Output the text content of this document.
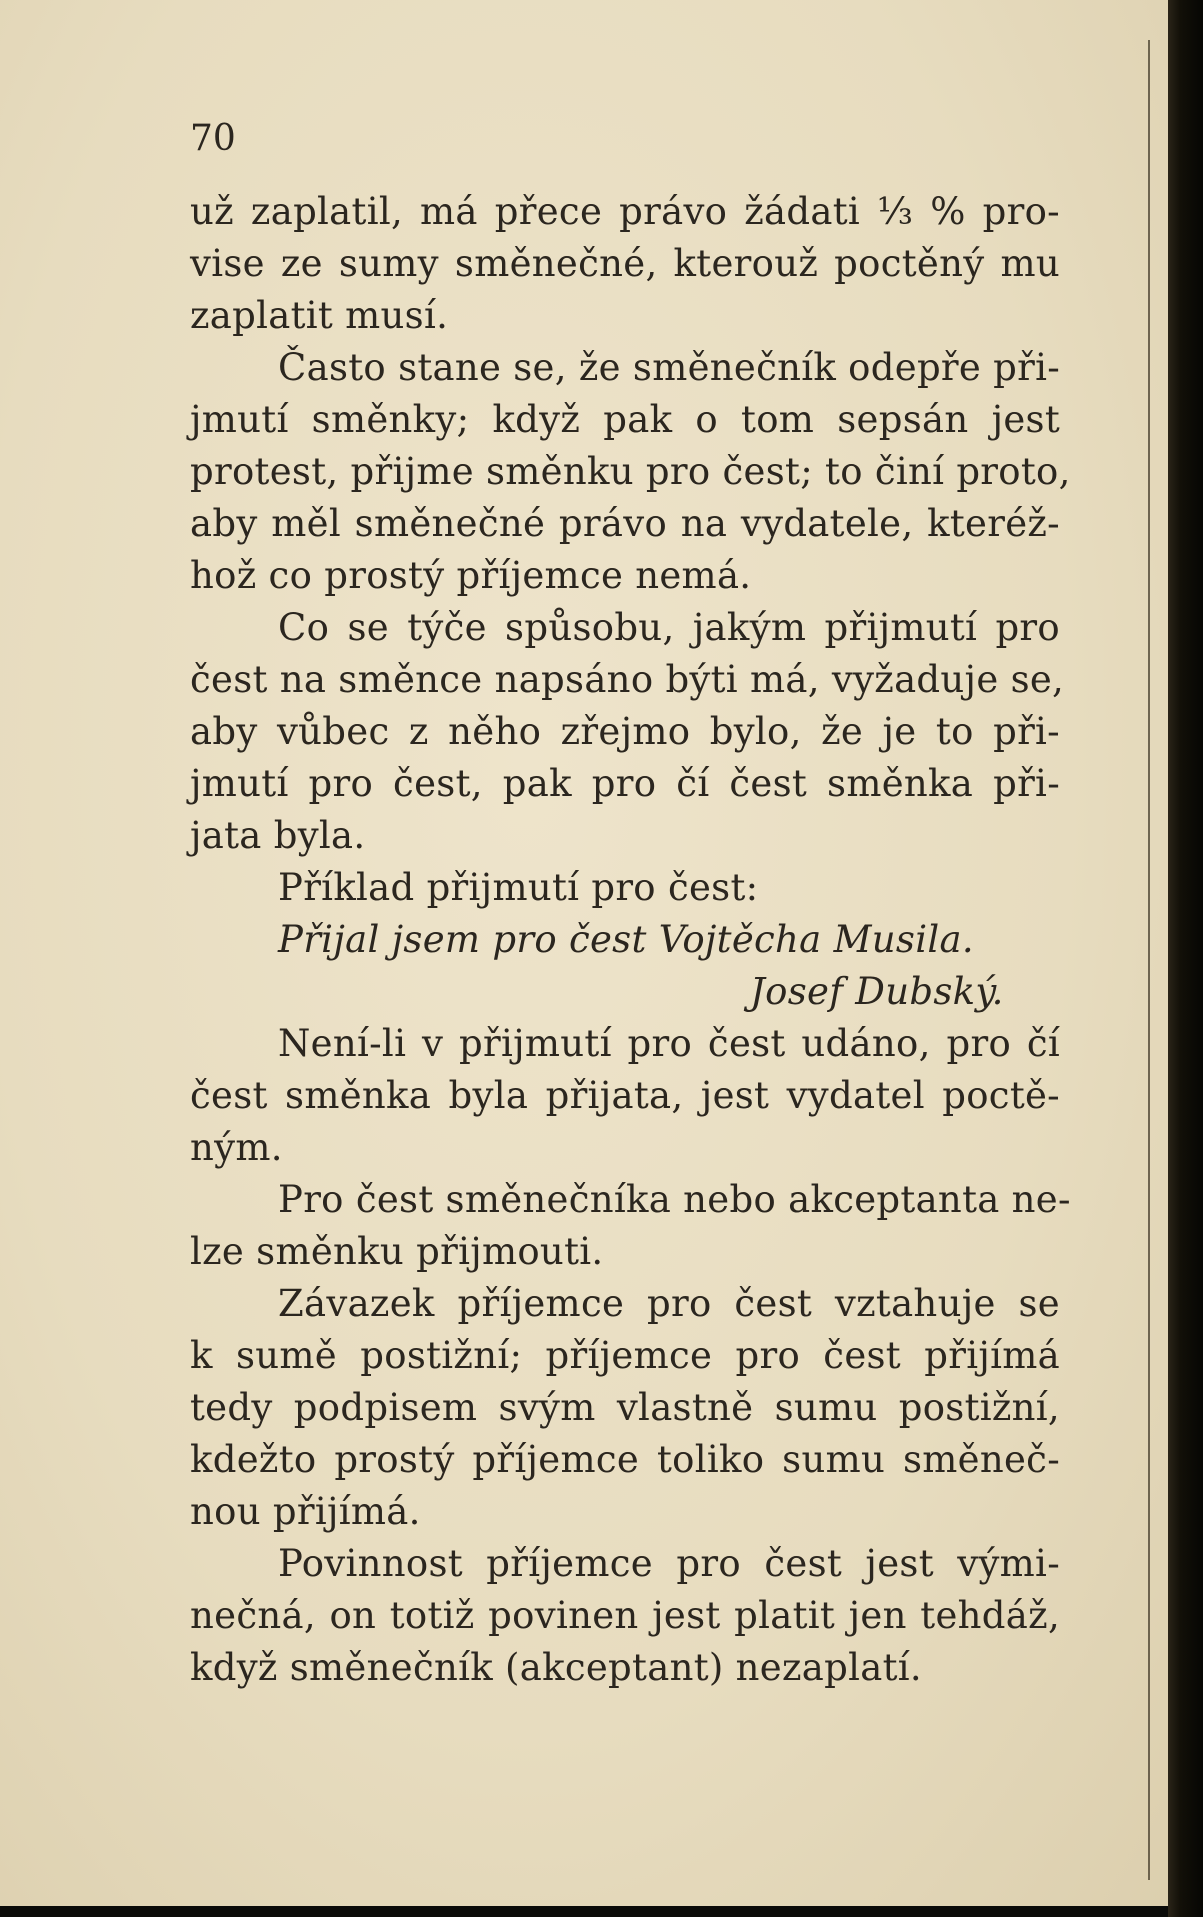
70
už zaplatil, má přece právo žádati ⅓ % pro-
vise ze sumy směnečné, kterouž poctěný mu
zaplatit musí.
Často stane se, že směnečník odepře při-
jmutí směnky; když pak o tom sepsán jest
protest, přijme směnku pro čest; to činí proto,
aby měl směnečné právo na vydatele, kteréž-
hož co prostý příjemce nemá.
Co se týče spůsobu, jakým přijmutí pro
čest na směnce napsáno býti má, vyžaduje se,
aby vůbec z něho zřejmo bylo, že je to při-
jmutí pro čest, pak pro čí čest směnka při-
jata byla.
Příklad přijmutí pro čest:
Přijal jsem pro čest Vojtěcha Musila.
Josef Dubský.
Není-li v přijmutí pro čest udáno, pro čí
čest směnka byla přijata, jest vydatel poctě-
ným.
Pro čest směnečníka nebo akceptanta ne-
lze směnku přijmouti.
Závazek příjemce pro čest vztahuje se
k sumě postižní; příjemce pro čest přijímá
tedy podpisem svým vlastně sumu postižní,
kdežto prostý příjemce toliko sumu směneč-
nou přijímá.
Povinnost příjemce pro čest jest vými-
nečná, on totiž povinen jest platit jen tehdáž,
když směnečník (akceptant) nezaplatí.
